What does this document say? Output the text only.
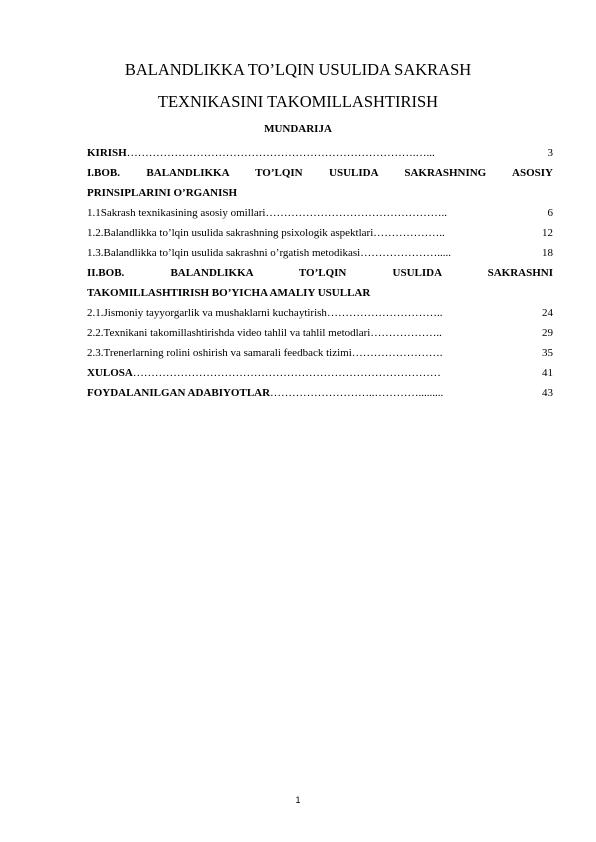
BALANDLIKKA TO’LQIN USULIDA SAKRASH
TEXNIKASINI TAKOMILLASHTIRISH
MUNDARIJA
KIRISH …………………………………………………………………….…...	3
I.BOB. BALANDLIKKA TO’LQIN USULIDA SAKRASHNING ASOSIY
PRINSIPLARINI O’RGANISH
1.1Sakrash texnikasining asosiy omillari …………………………………………..	6
1.2.Balandlikka to’lqin usulida sakrashning psixologik aspektlari ………………..	12
1.3.Balandlikka to’lqin usulida sakrashni o’rgatish metodikasi ………………….....	18
II.BOB. BALANDLIKKA TO’LQIN USULIDA SAKRASHNI
TAKOMILLASHTIRISH BO’YICHA AMALIY USULLAR
2.1.Jismoniy tayyorgarlik va mushaklarni kuchaytirish …………………………..	24
2.2.Texnikani takomillashtirishda video tahlil va tahlil metodlari ………………..	29
2.3.Trenerlarning rolini oshirish va samarali feedback tizimi …………………….	35
XULOSA …………………………………………………………………………	41
FOYDALANILGAN ADABIYOTLAR ………………………..………….........	43
1
